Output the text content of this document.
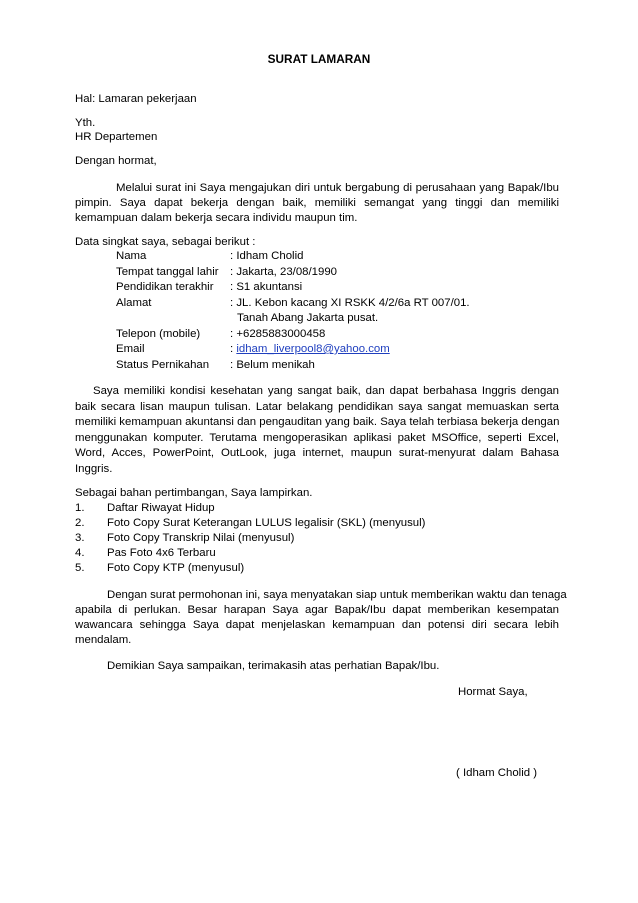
SURAT LAMARAN
Hal: Lamaran pekerjaan
Yth.
HR Departemen
Dengan hormat,
Melalui surat ini Saya mengajukan diri untuk bergabung di perusahaan yang Bapak/Ibu
pimpin. Saya dapat bekerja dengan baik, memiliki semangat yang tinggi dan memiliki
kemampuan dalam bekerja secara individu maupun tim.
Data singkat saya, sebagai berikut :
Nama	: Idham Cholid
Tempat tanggal lahir : Jakarta, 23/08/1990
Pendidikan terakhir : S1 akuntansi
Alamat	: JL. Kebon kacang XI RSKK 4/2/6a RT 007/01.
Tanah Abang Jakarta pusat.
Telepon (mobile)	: +6285883000458
Email	: idham_liverpool8@yahoo.com
Status Pernikahan : Belum menikah
Saya memiliki kondisi kesehatan yang sangat baik, dan dapat berbahasa Inggris dengan
baik secara lisan maupun tulisan. Latar belakang pendidikan saya sangat memuaskan serta
memiliki kemampuan akuntansi dan pengauditan yang baik. Saya telah terbiasa bekerja dengan
menggunakan komputer. Terutama mengoperasikan aplikasi paket MSOffice, seperti Excel,
Word, Acces, PowerPoint, OutLook, juga internet, maupun surat-menyurat dalam Bahasa
Inggris.
Sebagai bahan pertimbangan, Saya lampirkan.
1. Daftar Riwayat Hidup
2. Foto Copy Surat Keterangan LULUS legalisir (SKL) (menyusul)
3. Foto Copy Transkrip Nilai (menyusul)
4. Pas Foto 4x6 Terbaru
5. Foto Copy KTP (menyusul)
Dengan surat permohonan ini, saya menyatakan siap untuk memberikan waktu dan tenaga
apabila di perlukan. Besar harapan Saya agar Bapak/Ibu dapat memberikan kesempatan
wawancara sehingga Saya dapat menjelaskan kemampuan dan potensi diri secara lebih
mendalam.
Demikian Saya sampaikan, terimakasih atas perhatian Bapak/Ibu.
Hormat Saya,
( Idham Cholid )
